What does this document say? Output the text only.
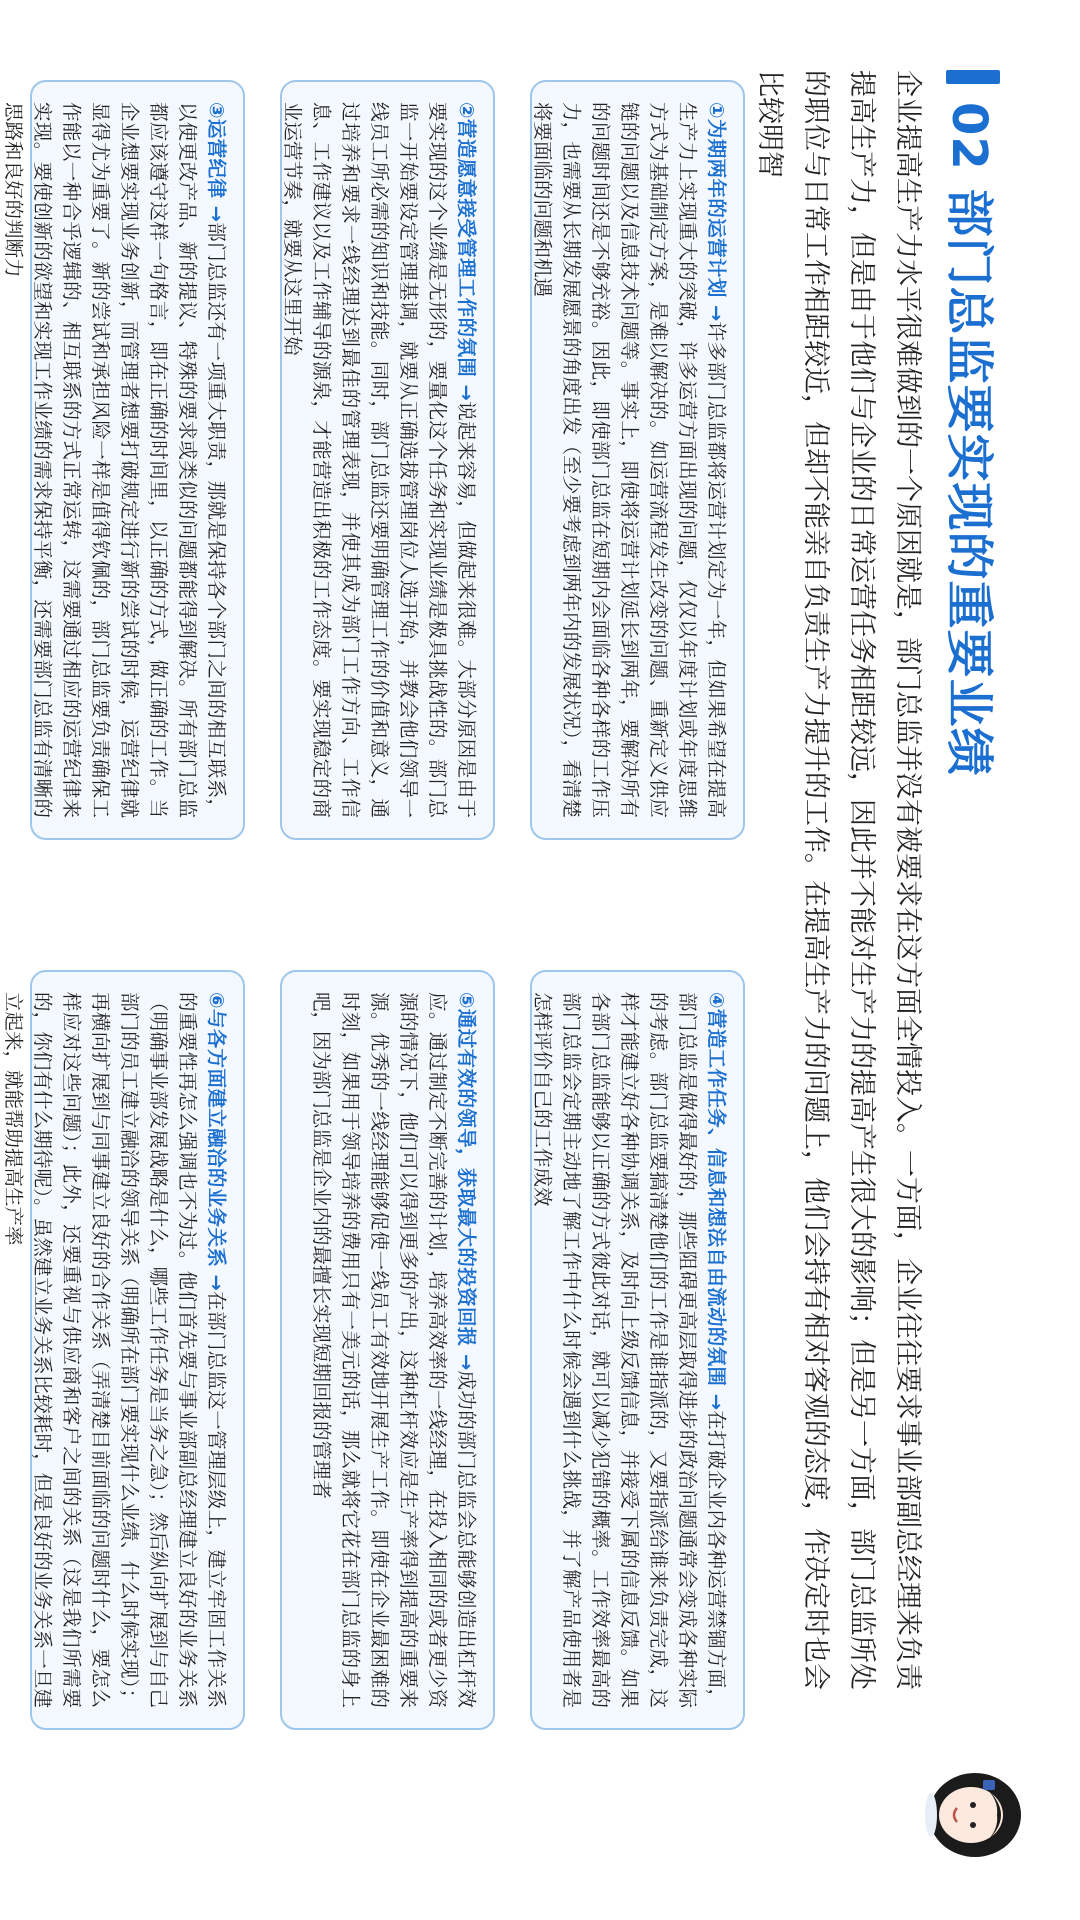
02 部门总监要实现的重要业绩
企业提高生产力水平很难做到的一个原因就是，部门总监并没有被要求在这方面全情投入。一方面，企业往往要求事业部副总经理来负责提高生产力，但是由于他们与企业的日常运营任务相距较远，因此并不能对生产力的提高产生很大的影响；但是另一方面，部门总监所处的职位与日常工作相距较近，但却不能亲自负责生产力提升的工作。在提高生产力的问题上，他们会持有相对客观的态度，作决定时也会比较明智

①为期两年的运营计划 →许多部门总监都将运营计划定为一年，但如果希望在提高生产力上实现重大的突破，许多运营方面出现的问题，仅仅以年度计划或年度思维方式为基础制定方案，是难以解决的。如运营流程发生改变的问题、重新定义供应链的问题以及信息技术问题等。事实上，即使将运营计划延长到两年，要解决所有的问题时间还是不够充裕。因此，即使部门总监在短期内会面临各种各样的工作压力，也需要从长期发展愿景的角度出发（至少要考虑到两年内的发展状况），看清楚将要面临的问题和机遇

②营造愿意接受管理工作的氛围 →说起来容易，但做起来很难。大部分原因是由于要实现的这个业绩是无形的，要量化这个任务和实现业绩是极具挑战性的。部门总监一开始要设定管理基调，就要从正确选拔管理岗位人选开始，并教会他们领导一线员工所必需的知识和技能。同时，部门总监还要明确管理工作的价值和意义，通过培养和要求一线经理达到最佳的管理表现，并使其成为部门工作方向、工作信息、工作建议以及工作辅导的源泉，才能营造出积极的工作态度。要实现稳定的商业运营节奏，就要从这里开始

③运营纪律 →部门总监还有一项重大职责，那就是保持各个部门之间的相互联系，以使更改产品、新的提议、特殊的要求或类似的问题都能得到解决。所有部门总监都应该遵守这样一句格言，即在正确的时间里，以正确的方式，做正确的工作。当企业想要实现业务创新，而管理者想要打破规定进行新的尝试的时候，运营纪律就显得尤为重要了。新的尝试和承担风险一样是值得钦佩的，部门总监要负责确保工作能以一种合乎逻辑的、相互联系的方式正常运转，这需要通过相应的运营纪律来实现。要使创新的欲望和实现工作业绩的需求保持平衡，还需要部门总监有清晰的思路和良好的判断力

④营造工作任务、信息和想法自由流动的氛围 →在打破企业内各种运营禁锢方面，部门总监是做得最好的，那些阻碍更高层取得进步的政治问题通常会变成各种实际的考虑。部门总监要搞清楚他们的工作是谁指派的，又要指派给谁来负责完成，这样才能建立好各种协调关系，及时向上级反馈信息，并接受下属的信息反馈。如果各部门总监能够以正确的方式彼此对话，就可以减少犯错的概率。工作效率最高的部门总监会定期主动地了解工作中什么时候会遇到什么挑战，并了解产品使用者是怎样评价自己的工作成效

⑤通过有效的领导，获取最大的投资回报 →成功的部门总监会总能够创造出杠杆效应。通过制定不断完善的计划，培养高效率的一线经理，在投入相同的或者更少资源的情况下，他们可以得到更多的产出，这种杠杆效应是生产率得到提高的重要来源。优秀的一线经理能够促使一线员工有效地开展生产工作。即使在企业最困难的时刻，如果用于领导培养的费用只有一美元的话，那么就将它花在部门总监的身上吧，因为部门总监是企业内的最擅长实现短期回报的管理者

⑥与各方面建立融洽的业务关系 →在部门总监这一管理层级上，建立牢固工作关系的重要性再怎么强调也不为过。他们首先要与事业部副总经理建立良好的业务关系（明确事业部发展战略是什么，哪些工作任务是当务之急）；然后纵向扩展到与自己部门的员工建立融洽的领导关系（明确所在部门要实现什么业绩、什么时候实现）；再横向扩展到与同事建立良好的合作关系（弄清楚目前面临的问题时什么，要怎么样应对这些问题）；此外，还要重视与供应商和客户之间的关系（这是我们所需要的，你们有什么期待呢）。虽然建立业务关系比较耗时，但是良好的业务关系一旦建立起来，就能帮助提高生产率
